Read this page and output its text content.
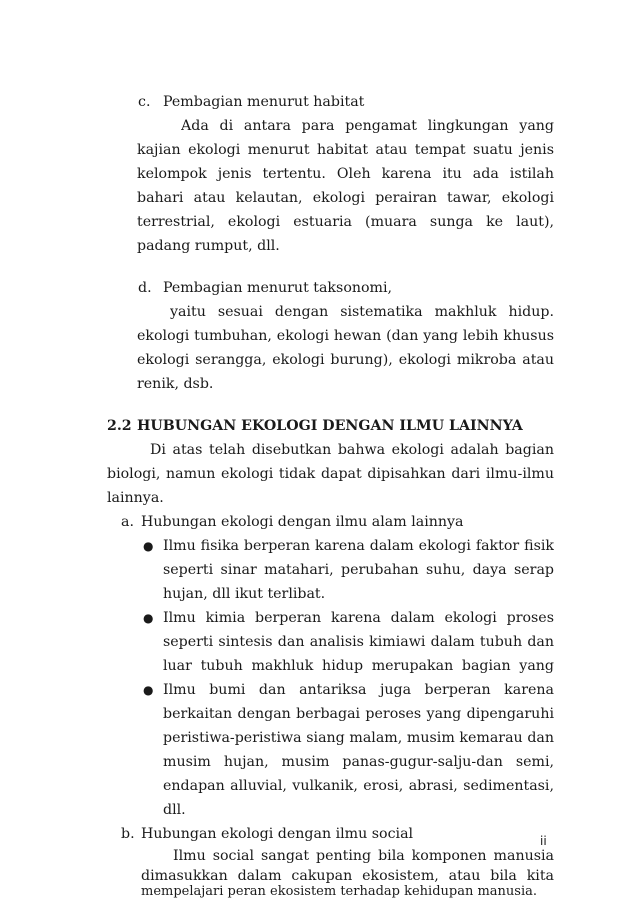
c. Pembagian menurut habitat
Ada di antara para pengamat lingkungan yang
kajian ekologi menurut habitat atau tempat suatu jenis
kelompok jenis tertentu. Oleh karena itu ada istilah
bahari atau kelautan, ekologi perairan tawar, ekologi
terrestrial, ekologi estuaria (muara sunga ke laut),
padang rumput, dll.
d. Pembagian menurut taksonomi,
yaitu sesuai dengan sistematika makhluk hidup.
ekologi tumbuhan, ekologi hewan (dan yang lebih khusus
ekologi serangga, ekologi burung), ekologi mikroba atau
renik, dsb.
2.2 HUBUNGAN EKOLOGI DENGAN ILMU LAINNYA
Di atas telah disebutkan bahwa ekologi adalah bagian
biologi, namun ekologi tidak dapat dipisahkan dari ilmu-ilmu
lainnya.
a. Hubungan ekologi dengan ilmu alam lainnya
● Ilmu fisika berperan karena dalam ekologi faktor fisik
seperti sinar matahari, perubahan suhu, daya serap
hujan, dll ikut terlibat.
● Ilmu kimia berperan karena dalam ekologi proses
seperti sintesis dan analisis kimiawi dalam tubuh dan
luar tubuh makhluk hidup merupakan bagian yang
● Ilmu bumi dan antariksa juga berperan karena
berkaitan dengan berbagai peroses yang dipengaruhi
peristiwa-peristiwa siang malam, musim kemarau dan
musim hujan, musim panas-gugur-salju-dan semi,
endapan alluvial, vulkanik, erosi, abrasi, sedimentasi,
dll.
b. Hubungan ekologi dengan ilmu social
Ilmu social sangat penting bila komponen manusia
dimasukkan dalam cakupan ekosistem, atau bila kita
mempelajari peran ekosistem terhadap kehidupan manusia.
ii
